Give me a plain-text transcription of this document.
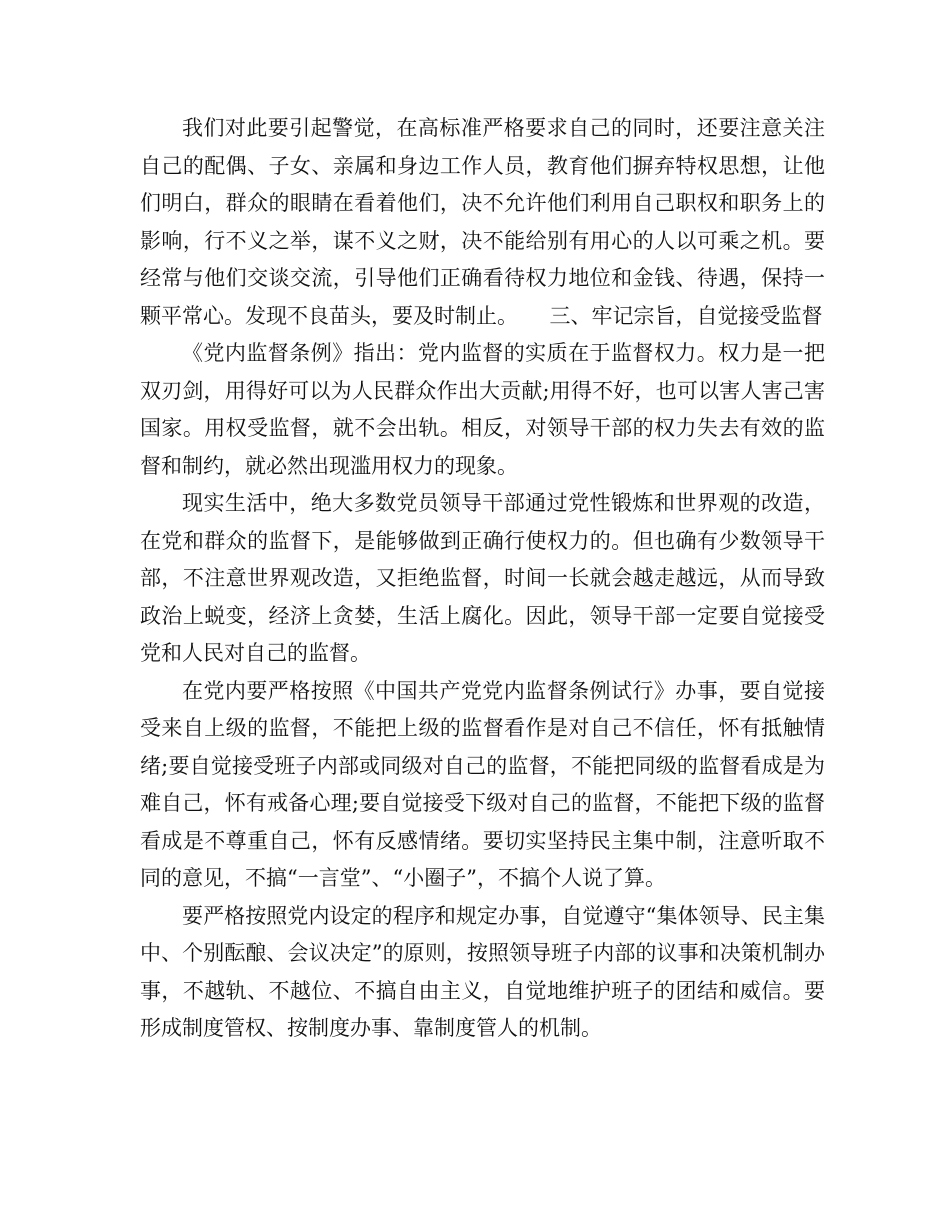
我们对此要引起警觉，在高标准严格要求自己的同时，还要注意关注自己的配偶、子女、亲属和身边工作人员，教育他们摒弃特权思想，让他们明白，群众的眼睛在看着他们，决不允许他们利用自己职权和职务上的影响，行不义之举，谋不义之财，决不能给别有用心的人以可乘之机。要经常与他们交谈交流，引导他们正确看待权力地位和金钱、待遇，保持一颗平常心。发现不良苗头，要及时制止。　　三、牢记宗旨，自觉接受监督

《党内监督条例》指出：党内监督的实质在于监督权力。权力是一把双刃剑，用得好可以为人民群众作出大贡献;用得不好，也可以害人害己害国家。用权受监督，就不会出轨。相反，对领导干部的权力失去有效的监督和制约，就必然出现滥用权力的现象。

现实生活中，绝大多数党员领导干部通过党性锻炼和世界观的改造，在党和群众的监督下，是能够做到正确行使权力的。但也确有少数领导干部，不注意世界观改造，又拒绝监督，时间一长就会越走越远，从而导致政治上蜕变，经济上贪婪，生活上腐化。因此，领导干部一定要自觉接受党和人民对自己的监督。

在党内要严格按照《中国共产党党内监督条例试行》办事，要自觉接受来自上级的监督，不能把上级的监督看作是对自己不信任，怀有抵触情绪;要自觉接受班子内部或同级对自己的监督，不能把同级的监督看成是为难自己，怀有戒备心理;要自觉接受下级对自己的监督，不能把下级的监督看成是不尊重自己，怀有反感情绪。要切实坚持民主集中制，注意听取不同的意见，不搞“一言堂”、“小圈子”，不搞个人说了算。

要严格按照党内设定的程序和规定办事，自觉遵守“集体领导、民主集中、个别酝酿、会议决定”的原则，按照领导班子内部的议事和决策机制办事，不越轨、不越位、不搞自由主义，自觉地维护班子的团结和威信。要形成制度管权、按制度办事、靠制度管人的机制。
